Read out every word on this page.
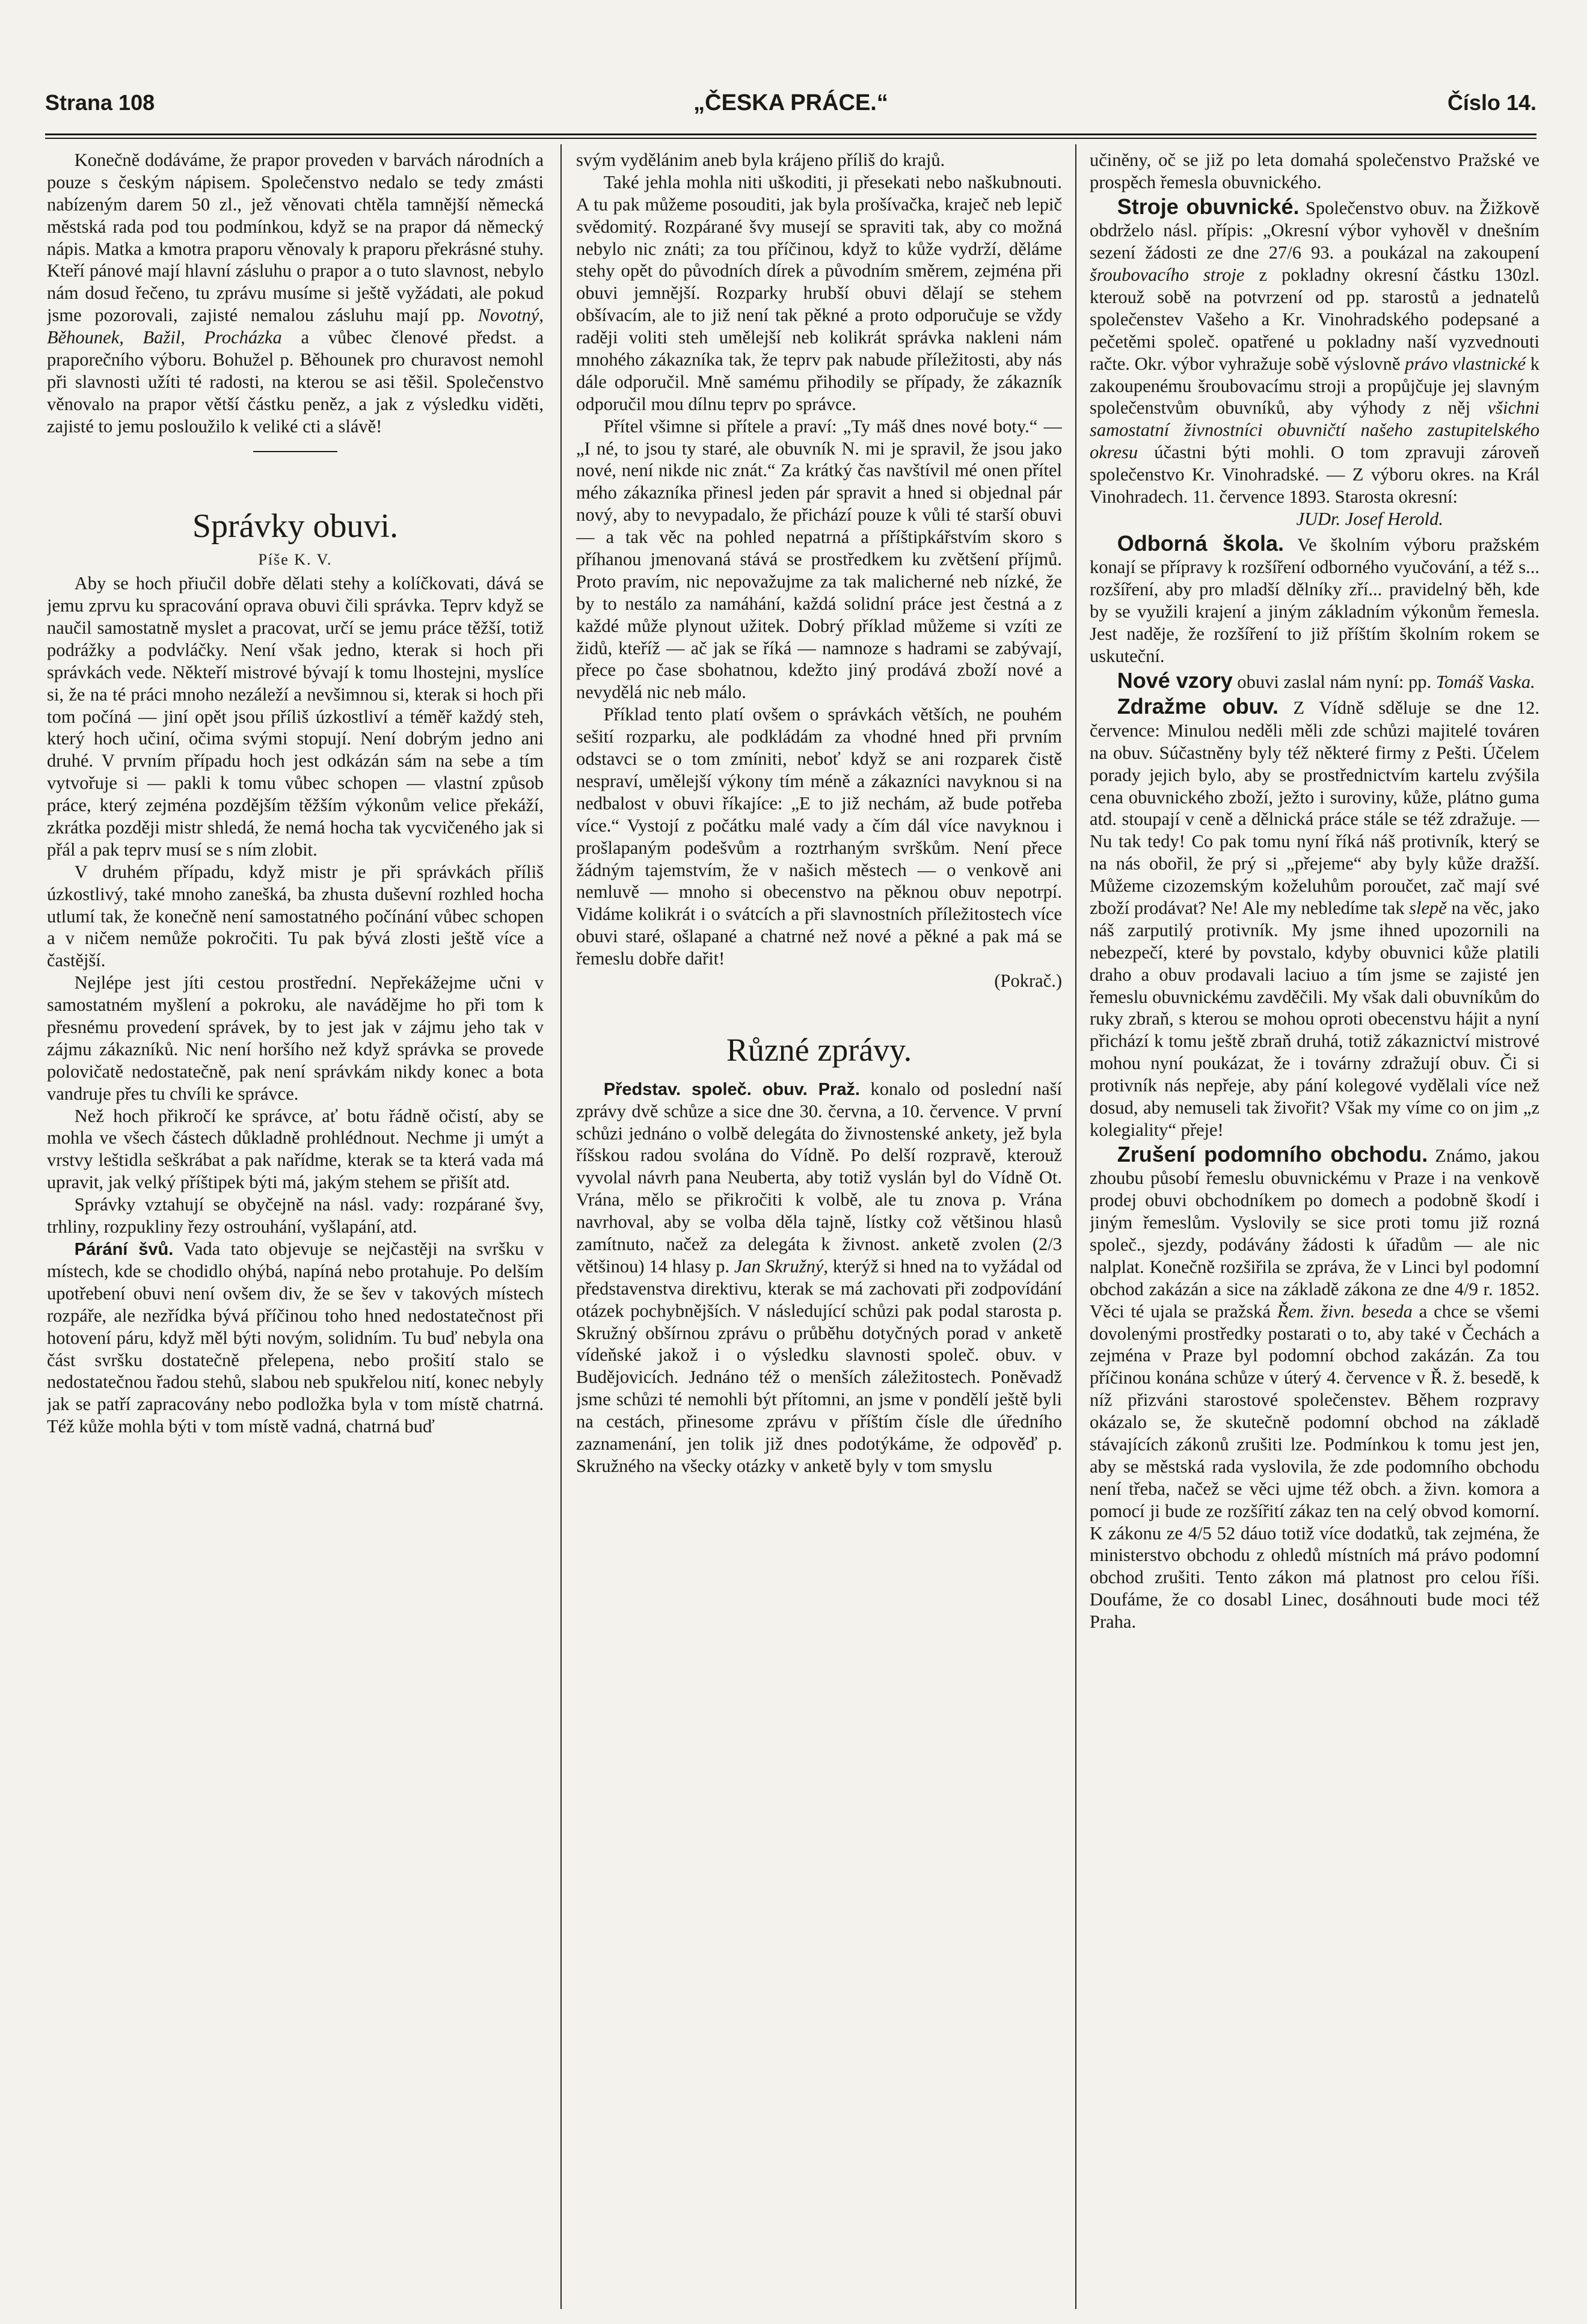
Strana 108	„ČESKA PRÁCE.“	Číslo 14.

Konečně dodáváme, že prapor proveden v barvách národních a pouze s českým nápisem. Společenstvo nedalo se tedy zmásti nabízeným darem 50 zl., jež věnovati chtěla tamnější německá městská rada pod tou podmínkou, když se na prapor dá německý nápis. Matka a kmotra praporu věnovaly k praporu překrásné stuhy. Kteří pánové mají hlavní zásluhu o prapor a o tuto slavnost, nebylo nám dosud řečeno, tu zprávu musíme si ještě vyžádati, ale pokud jsme pozorovali, zajisté nemalou zásluhu mají pp. Novotný, Běhounek, Bažil, Procházka a vůbec členové předst. a praporečního výboru. Bohužel p. Běhounek pro churavost nemohl při slavnosti užíti té radosti, na kterou se asi těšil. Společenstvo věnovalo na prapor větší částku peněz, a jak z výsledku viděti, zajisté to jemu posloužilo k veliké cti a slávě!

Správky obuvi.
Píše K. V.

Aby se hoch přiučil dobře dělati stehy a kolíčkovati, dává se jemu zprvu ku spracování oprava obuvi čili správka. Teprv když se naučil samostatně myslet a pracovat, určí se jemu práce těžší, totiž podrážky a podvláčky. Není však jedno, kterak si hoch při správkách vede. Někteří mistrové bývají k tomu lhostejni, myslíce si, že na té práci mnoho nezáleží a nevšimnou si, kterak si hoch při tom počíná — jiní opět jsou příliš úzkostliví a téměř každý steh, který hoch učiní, očima svými stopují. Není dobrým jedno ani druhé. V prvním případu hoch jest odkázán sám na sebe a tím vytvořuje si — pakli k tomu vůbec schopen — vlastní způsob práce, který zejména pozdějším těžším výkonům velice překáží, zkrátka později mistr shledá, že nemá hocha tak vycvičeného jak si přál a pak teprv musí se s ním zlobit.

V druhém případu, když mistr je při správkách příliš úzkostlivý, také mnoho zanešká, ba zhusta duševní rozhled hocha utlumí tak, že konečně není samostatného počínání vůbec schopen a v ničem nemůže pokročiti. Tu pak bývá zlosti ještě více a častější.

Nejlépe jest jíti cestou prostřední. Nepřekážejme učni v samostatném myšlení a pokroku, ale navádějme ho při tom k přesnému provedení správek, by to jest jak v zájmu jeho tak v zájmu zákazníků. Nic není horšího než když správka se provede polovičatě nedostatečně, pak není správkám nikdy konec a bota vandruje přes tu chvíli ke správce.

Než hoch přikročí ke správce, ať botu řádně očistí, aby se mohla ve všech částech důkladně prohlédnout. Nechme ji umýt a vrstvy leštidla seškrábat a pak nařídme, kterak se ta která vada má upravit, jak velký příštipek býti má, jakým stehem se přišít atd.

Správky vztahují se obyčejně na násl. vady: rozpárané švy, trhliny, rozpukliny řezy ostrouhání, vyšlapání, atd.

Párání švů. Vada tato objevuje se nejčastěji na svršku v místech, kde se chodidlo ohýbá, napíná nebo protahuje. Po delším upotřebení obuvi není ovšem div, že se šev v takových místech rozpáře, ale nezřídka bývá příčinou toho hned nedostatečnost při hotovení páru, když měl býti novým, solidním. Tu buď nebyla ona část svršku dostatečně přelepena, nebo prošití stalo se nedostatečnou řadou stehů, slabou neb spukřelou nití, konec nebyly jak se patří zapracovány nebo podložka byla v tom místě chatrná. Též kůže mohla býti v tom místě vadná, chatrná buď

svým vydělánim aneb byla krájeno příliš do krajů.

Také jehla mohla niti uškoditi, ji přesekati nebo naškubnouti. A tu pak můžeme posouditi, jak byla prošívačka, kraječ neb lepič svědomitý. Rozpárané švy musejí se spraviti tak, aby co možná nebylo nic znáti; za tou příčinou, když to kůže vydrží, děláme stehy opět do původních dírek a původním směrem, zejména při obuvi jemnější. Rozparky hrubší obuvi dělají se stehem obšívacím, ale to již není tak pěkné a proto odporučuje se vždy raději voliti steh umělejší neb kolikrát správka nakleni nám mnohého zákazníka tak, že teprv pak nabude příležitosti, aby nás dále odporučil. Mně samému přihodily se případy, že zákazník odporučil mou dílnu teprv po správce.

Přítel všimne si přítele a praví: „Ty máš dnes nové boty.“ — „I né, to jsou ty staré, ale obuvník N. mi je spravil, že jsou jako nové, není nikde nic znát.“ Za krátký čas navštívil mé onen přítel mého zákazníka přinesl jeden pár spravit a hned si objednal pár nový, aby to nevypadalo, že přichází pouze k vůli té starší obuvi — a tak věc na pohled nepatrná a příštipkářstvím skoro s příhanou jmenovaná stává se prostředkem ku zvětšení příjmů. Proto pravím, nic nepovažujme za tak malicherné neb nízké, že by to nestálo za namáhání, každá solidní práce jest čestná a z každé může plynout užitek. Dobrý příklad můžeme si vzíti ze židů, kteříž — ač jak se říká — namnoze s hadrami se zabývají, přece po čase sbohatnou, kdežto jiný prodává zboží nové a nevydělá nic neb málo.

Příklad tento platí ovšem o správkách větších, ne pouhém sešití rozparku, ale podkládám za vhodné hned při prvním odstavci se o tom zmíniti, neboť když se ani rozparek čistě nespraví, umělejší výkony tím méně a zákazníci navyknou si na nedbalost v obuvi říkajíce: „E to již nechám, až bude potřeba více.“ Vystojí z počátku malé vady a čím dál více navyknou i prošlapaným podešvům a roztrhaným svrškům. Není přece žádným tajemstvím, že v našich městech — o venkově ani nemluvě — mnoho si obecenstvo na pěknou obuv nepotrpí. Vidáme kolikrát i o svátcích a při slavnostních příležitostech více obuvi staré, ošlapané a chatrné než nové a pěkné a pak má se řemeslu dobře dařit!

(Pokrač.)

Různé zprávy.

Představ. společ. obuv. Praž. konalo od poslední naší zprávy dvě schůze a sice dne 30. června, a 10. července. V první schůzi jednáno o volbě delegáta do živnostenské ankety, jež byla říšskou radou svolána do Vídně. Po delší rozpravě, kterouž vyvolal návrh pana Neuberta, aby totiž vyslán byl do Vídně Ot. Vrána, mělo se přikročiti k volbě, ale tu znova p. Vrána navrhoval, aby se volba děla tajně, lístky což většinou hlasů zamítnuto, načež za delegáta k živnost. anketě zvolen (2/3 většinou) 14 hlasy p. Jan Skružný, kterýž si hned na to vyžádal od představenstva direktivu, kterak se má zachovati při zodpovídání otázek pochybnějších. V následující schůzi pak podal starosta p. Skružný obšírnou zprávu o průběhu dotyčných porad v anketě vídeňské jakož i o výsledku slavnosti společ. obuv. v Budějovicích. Jednáno též o menších záležitostech. Poněvadž jsme schůzi té nemohli být přítomni, an jsme v pondělí ještě byli na cestách, přinesome zprávu v příštím čísle dle úředního zaznamenání, jen tolik již dnes podotýkáme, že odpověď p. Skružného na všecky otázky v anketě byly v tom smyslu

učiněny, oč se již po leta domahá společenstvo Pražské ve prospěch řemesla obuvnického.

Stroje obuvnické. Společenstvo obuv. na Žižkově obdrželo násl. přípis: „Okresní výbor vyhověl v dnešním sezení žádosti ze dne 27/6 93. a poukázal na zakoupení šroubovacího stroje z pokladny okresní částku 130zl. kterouž sobě na potvrzení od pp. starostů a jednatelů společenstev Vašeho a Kr. Vinohradského podepsané a pečetěmi společ. opatřené u pokladny naší vyzvednouti račte. Okr. výbor vyhražuje sobě výslovně právo vlastnické k zakoupenému šroubovacímu stroji a propůjčuje jej slavným společenstvům obuvníků, aby výhody z něj všichni samostatní živnostníci obuvničtí našeho zastupitelského okresu účastni býti mohli. O tom zpravuji zároveň společenstvo Kr. Vinohradské. — Z výboru okres. na Král Vinohradech. 11. července 1893. Starosta okresní:

JUDr. Josef Herold.

Odborná škola. Ve školním výboru pražském konají se přípravy k rozšíření odborného vyučování, a též s... rozšíření, aby pro mladší dělníky zří... pravidelný běh, kde by se využili krajení a jiným základním výkonům řemesla. Jest naděje, že rozšíření to již příštím školním rokem se uskuteční.

Nové vzory obuvi zaslal nám nyní: pp. Tomáš Vaska.

Zdražme obuv. Z Vídně sděluje se dne 12. července: Minulou neděli měli zde schůzi majitelé továren na obuv. Súčastněny byly též některé firmy z Pešti. Účelem porady jejich bylo, aby se prostřednictvím kartelu zvýšila cena obuvnického zboží, ježto i suroviny, kůže, plátno guma atd. stoupají v ceně a dělnická práce stále se též zdražuje. — Nu tak tedy! Co pak tomu nyní říká náš protivník, který se na nás obořil, že prý si „přejeme“ aby byly kůže dražší. Můžeme cizozemským koželuhům poroučet, zač mají své zboží prodávat? Ne! Ale my nebledíme tak slepě na věc, jako náš zarputilý protivník. My jsme ihned upozornili na nebezpečí, které by povstalo, kdyby obuvnici kůže platili draho a obuv prodavali laciuo a tím jsme se zajisté jen řemeslu obuvnickému zavděčili. My však dali obuvníkům do ruky zbraň, s kterou se mohou oproti obecenstvu hájit a nyní přichází k tomu ještě zbraň druhá, totiž zákaznictví mistrové mohou nyní poukázat, že i továrny zdražují obuv. Či si protivník nás nepřeje, aby pání kolegové vydělali více než dosud, aby nemuseli tak živořit? Však my víme co on jim „z kolegiality“ přeje!

Zrušení podomního obchodu. Známo, jakou zhoubu působí řemeslu obuvnickému v Praze i na venkově prodej obuvi obchodníkem po domech a podobně škodí i jiným řemeslům. Vyslovily se sice proti tomu již rozná společ., sjezdy, podávány žádosti k úřadům — ale nic nalplat. Konečně rozšiřila se zpráva, že v Linci byl podomní obchod zakázán a sice na základě zákona ze dne 4/9 r. 1852. Věci té ujala se pražská Řem. živn. beseda a chce se všemi dovolenými prostředky postarati o to, aby také v Čechách a zejména v Praze byl podomní obchod zakázán. Za tou příčinou konána schůze v úterý 4. července v Ř. ž. besedě, k níž přizváni starostové společenstev. Během rozpravy okázalo se, že skutečně podomní obchod na základě stávajících zákonů zrušiti lze. Podmínkou k tomu jest jen, aby se městská rada vyslovila, že zde podomního obchodu není třeba, načež se věci ujme též obch. a živn. komora a pomocí ji bude ze rozšířití zákaz ten na celý obvod komorní. K zákonu ze 4/5 52 dáuo totiž více dodatků, tak zejména, že ministerstvo obchodu z ohledů místních má právo podomní obchod zrušiti. Tento zákon má platnost pro celou říši. Doufáme, že co dosabl Linec, dosáhnouti bude moci též Praha.
